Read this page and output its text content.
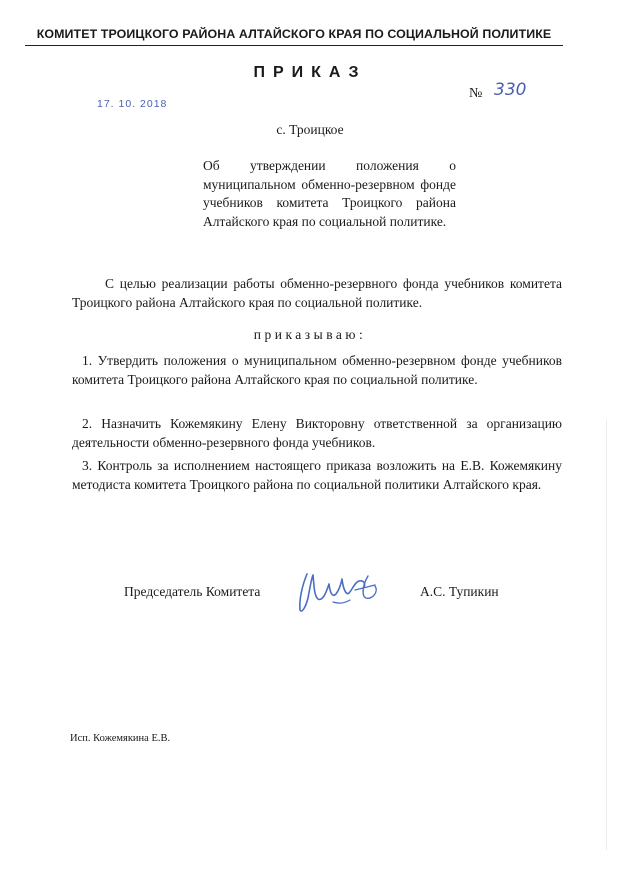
КОМИТЕТ ТРОИЦКОГО РАЙОНА АЛТАЙСКОГО КРАЯ ПО СОЦИАЛЬНОЙ ПОЛИТИКЕ
ПРИКАЗ
17. 10. 2018
№ 330
с. Троицкое

Об утверждении положения о муниципальном обменно-резервном фонде учебников комитета Троицкого района Алтайского края по социальной политике.

С целью реализации работы обменно-резервного фонда учебников комитета Троицкого района Алтайского края по социальной политике.

приказываю:

1. Утвердить положения о муниципальном обменно-резервном фонде учебников комитета Троицкого района Алтайского края по социальной политике.

2. Назначить Кожемякину Елену Викторовну ответственной за организацию деятельности обменно-резервного фонда учебников.

3. Контроль за исполнением настоящего приказа возложить на Е.В. Кожемякину методиста комитета Троицкого района по социальной политики Алтайского края.

Председатель Комитета	А.С. Тупикин
Исп. Кожемякина Е.В.
